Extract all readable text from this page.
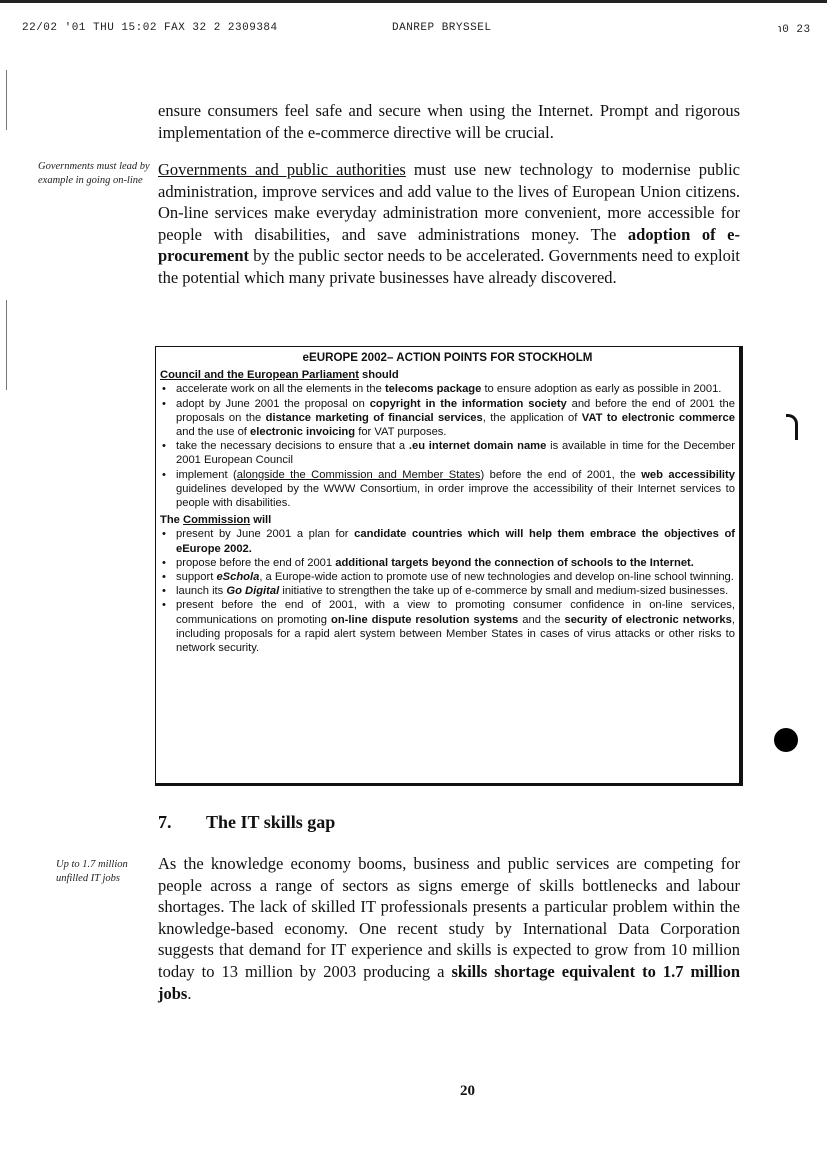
22/02 '01 THU 15:02 FAX 32 2 2309384	DANREP BRYSSEL	℩0 23

ensure consumers feel safe and secure when using the Internet. Prompt and rigorous implementation of the e-commerce directive will be crucial.

Governments must lead by example in going on-line

Governments and public authorities must use new technology to modernise public administration, improve services and add value to the lives of European Union citizens. On-line services make everyday administration more convenient, more accessible for people with disabilities, and save administrations money. The adoption of e-procurement by the public sector needs to be accelerated. Governments need to exploit the potential which many private businesses have already discovered.

eEUROPE 2002– ACTION POINTS FOR STOCKHOLM
Council and the European Parliament should
• accelerate work on all the elements in the telecoms package to ensure adoption as early as possible in 2001.
• adopt by June 2001 the proposal on copyright in the information society and before the end of 2001 the proposals on the distance marketing of financial services, the application of VAT to electronic commerce and the use of electronic invoicing for VAT purposes.
• take the necessary decisions to ensure that a .eu internet domain name is available in time for the December 2001 European Council
• implement (alongside the Commission and Member States) before the end of 2001, the web accessibility guidelines developed by the WWW Consortium, in order improve the accessibility of their Internet services to people with disabilities.
The Commission will
• present by June 2001 a plan for candidate countries which will help them embrace the objectives of eEurope 2002.
• propose before the end of 2001 additional targets beyond the connection of schools to the Internet.
• support eSchola, a Europe-wide action to promote use of new technologies and develop on-line school twinning.
• launch its Go Digital initiative to strengthen the take up of e-commerce by small and medium-sized businesses.
• present before the end of 2001, with a view to promoting consumer confidence in on-line services, communications on promoting on-line dispute resolution systems and the security of electronic networks, including proposals for a rapid alert system between Member States in cases of virus attacks or other risks to network security.
7. The IT skills gap
Up to 1.7 million unfilled IT jobs

As the knowledge economy booms, business and public services are competing for people across a range of sectors as signs emerge of skills bottlenecks and labour shortages. The lack of skilled IT professionals presents a particular problem within the knowledge-based economy. One recent study by International Data Corporation suggests that demand for IT experience and skills is expected to grow from 10 million today to 13 million by 2003 producing a skills shortage equivalent to 1.7 million jobs.

20
